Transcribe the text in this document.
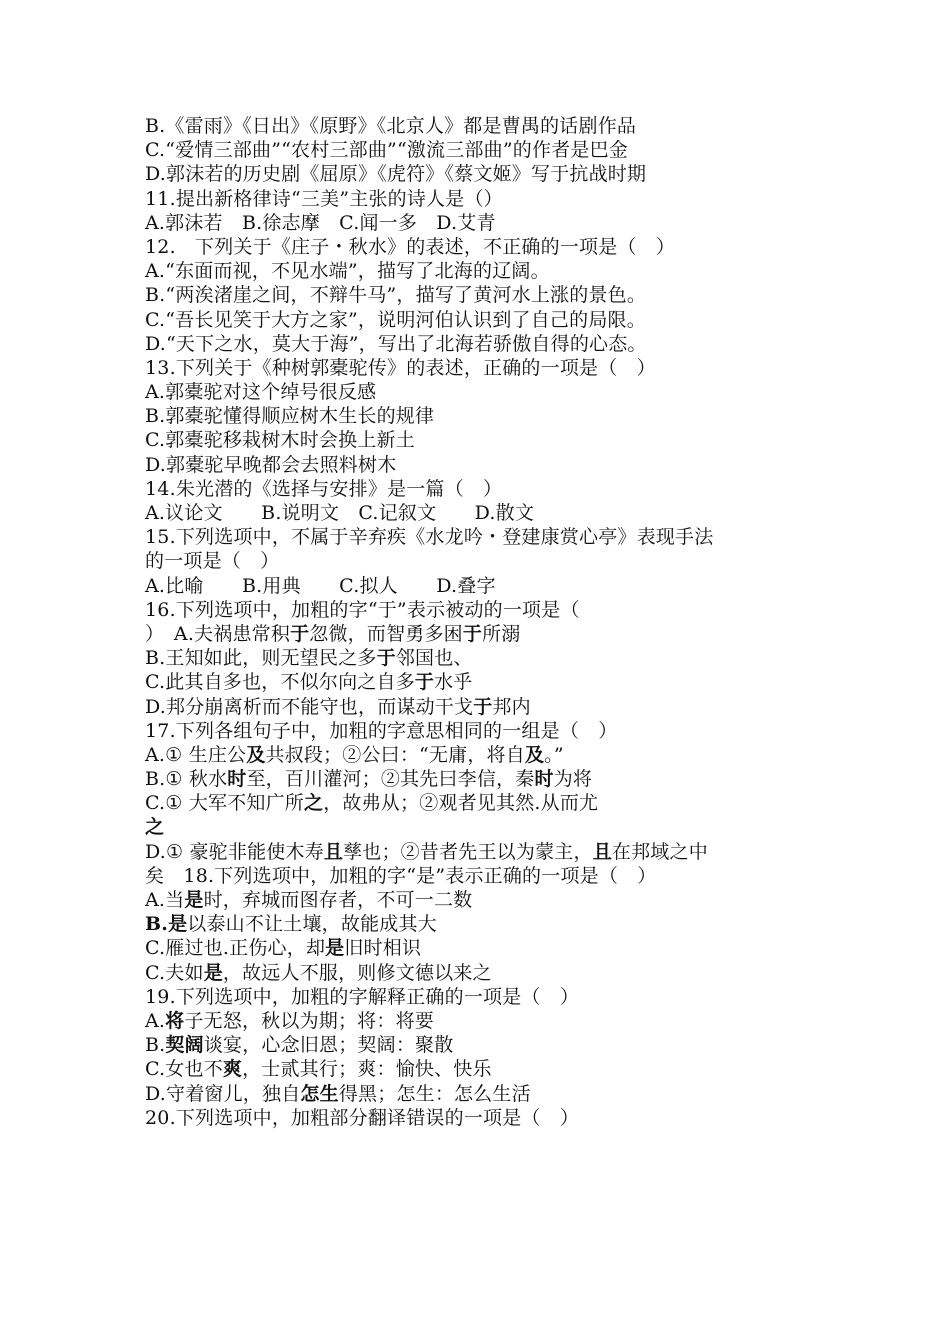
B.《雷雨》《日出》《原野》《北京人》都是曹禺的话剧作品
C.“爱情三部曲”“农村三部曲”“激流三部曲”的作者是巴金
D.郭沫若的历史剧《屈原》《虎符》《蔡文姬》写于抗战时期
11.提出新格律诗“三美”主张的诗人是（）
A.郭沫若　B.徐志摩　C.闻一多　D.艾青
12.　下列关于《庄子・秋水》的表述，不正确的一项是（　）
A.“东面而视，不见水端”，描写了北海的辽阔。
B.“两涘渚崖之间，不辩牛马”，描写了黄河水上涨的景色。
C.“吾长见笑于大方之家”，说明河伯认识到了自己的局限。
D.“天下之水，莫大于海”，写出了北海若骄傲自得的心态。
13.下列关于《种树郭橐驼传》的表述，正确的一项是（　）
A.郭橐驼对这个绰号很反感
B.郭橐驼懂得顺应树木生长的规律
C.郭橐驼移栽树木时会换上新土
D.郭橐驼早晚都会去照料树木
14.朱光潜的《选择与安排》是一篇（　）
A.议论文　　B.说明文　C.记叙文　　D.散文
15.下列选项中，不属于辛弃疾《水龙吟・登建康赏心亭》表现手法
的一项是（　）
A.比喻　　B.用典　　C.拟人　　D.叠字
16.下列选项中，加粗的字“于”表示被动的一项是（
）　A.夫祸患常积于忽微，而智勇多困于所溺
B.王知如此，则无望民之多于邻国也、
C.此其自多也，不似尔向之自多于水乎
D.邦分崩离析而不能守也，而谋动干戈于邦内
17.下列各组句子中，加粗的字意思相同的一组是（　）
A.① 生庄公及共叔段；②公曰：“无庸，将自及。”
B.① 秋水时至，百川灌河；②其先曰李信，秦时为将
C.① 大军不知广所之，故弗从；②观者见其然.从而尤
之
D.① 豪驼非能使木寿且孳也；②昔者先王以为蒙主，且在邦域之中
矣　18.下列选项中，加粗的字“是”表示正确的一项是（　）
A.当是时，弃城而图存者，不可一二数
B.是以泰山不让土壤，故能成其大
C.雁过也.正伤心，却是旧时相识
C.夫如是，故远人不服，则修文德以来之
19.下列选项中，加粗的字解释正确的一项是（　）
A.将子无怒，秋以为期；将：将要
B.契阔谈宴，心念旧恩；契阔：聚散
C.女也不爽，士贰其行；爽：愉快、快乐
D.守着窗儿，独自怎生得黑；怎生：怎么生活
20.下列选项中，加粗部分翻译错误的一项是（　）
